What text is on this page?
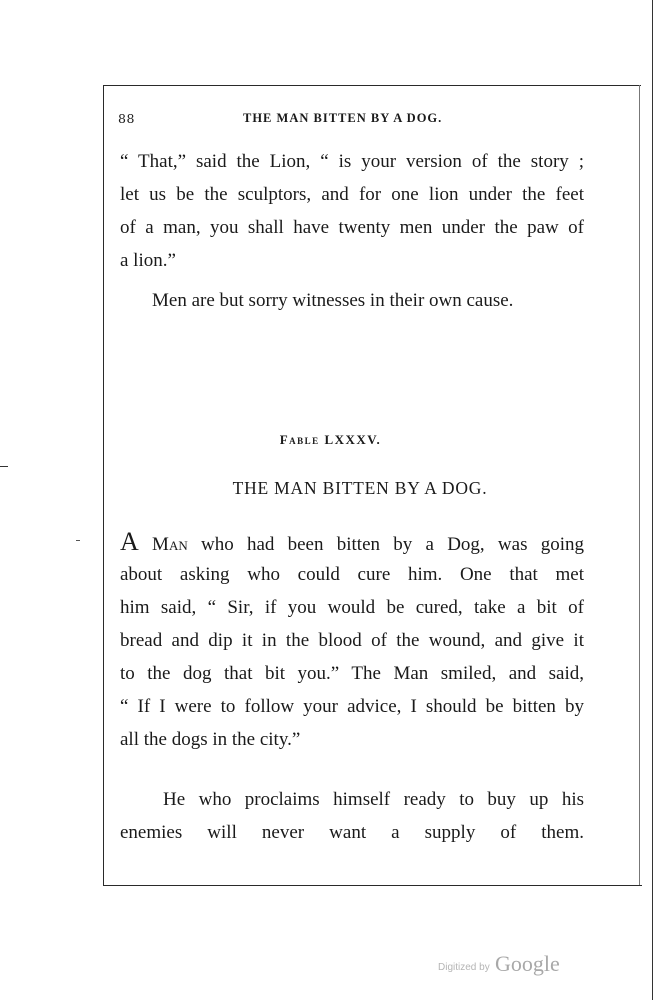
88	THE MAN BITTEN BY A DOG.
“ That,” said the Lion, “ is your version of the story ;
let us be the sculptors, and for one lion under the feet
of a man, you shall have twenty men under the paw of
a lion.”
Men are but sorry witnesses in their own cause.
Fable LXXXV.
THE MAN BITTEN BY A DOG.
A Man who had been bitten by a Dog, was going
about asking who could cure him. One that met
him said, “ Sir, if you would be cured, take a bit of
bread and dip it in the blood of the wound, and give it
to the dog that bit you.” The Man smiled, and said,
“ If I were to follow your advice, I should be bitten by
all the dogs in the city.”
He who proclaims himself ready to buy up his
enemies will never want a supply of them.
Digitized by Google
